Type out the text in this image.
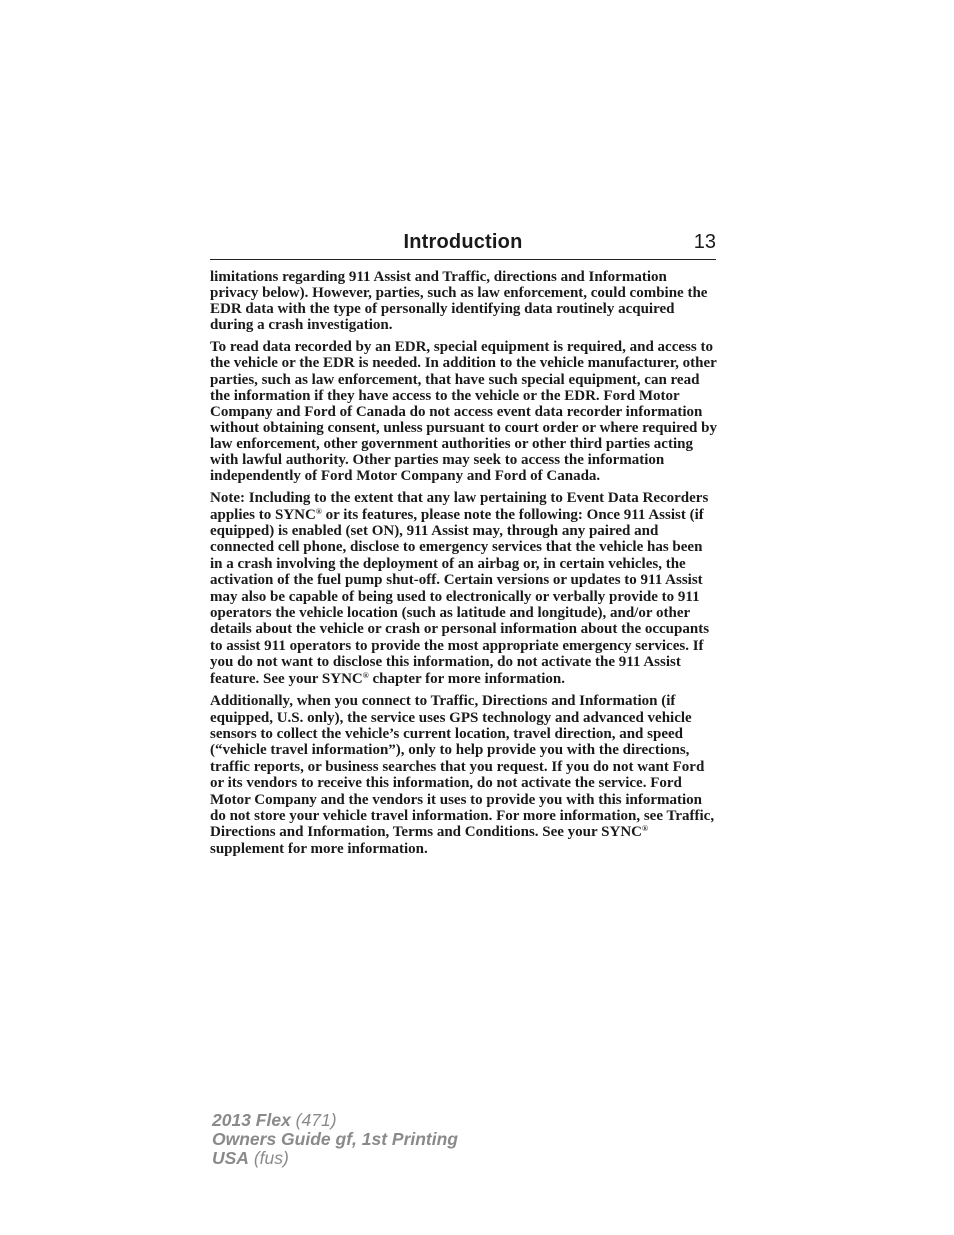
Introduction	13

limitations regarding 911 Assist and Traffic, directions and Information privacy below). However, parties, such as law enforcement, could combine the EDR data with the type of personally identifying data routinely acquired during a crash investigation.

To read data recorded by an EDR, special equipment is required, and access to the vehicle or the EDR is needed. In addition to the vehicle manufacturer, other parties, such as law enforcement, that have such special equipment, can read the information if they have access to the vehicle or the EDR. Ford Motor Company and Ford of Canada do not access event data recorder information without obtaining consent, unless pursuant to court order or where required by law enforcement, other government authorities or other third parties acting with lawful authority. Other parties may seek to access the information independently of Ford Motor Company and Ford of Canada.

Note: Including to the extent that any law pertaining to Event Data Recorders applies to SYNC® or its features, please note the following: Once 911 Assist (if equipped) is enabled (set ON), 911 Assist may, through any paired and connected cell phone, disclose to emergency services that the vehicle has been in a crash involving the deployment of an airbag or, in certain vehicles, the activation of the fuel pump shut-off. Certain versions or updates to 911 Assist may also be capable of being used to electronically or verbally provide to 911 operators the vehicle location (such as latitude and longitude), and/or other details about the vehicle or crash or personal information about the occupants to assist 911 operators to provide the most appropriate emergency services. If you do not want to disclose this information, do not activate the 911 Assist feature. See your SYNC® chapter for more information.

Additionally, when you connect to Traffic, Directions and Information (if equipped, U.S. only), the service uses GPS technology and advanced vehicle sensors to collect the vehicle’s current location, travel direction, and speed (“vehicle travel information”), only to help provide you with the directions, traffic reports, or business searches that you request. If you do not want Ford or its vendors to receive this information, do not activate the service. Ford Motor Company and the vendors it uses to provide you with this information do not store your vehicle travel information. For more information, see Traffic, Directions and Information, Terms and Conditions. See your SYNC® supplement for more information.

2013 Flex (471)
Owners Guide gf, 1st Printing
USA (fus)
